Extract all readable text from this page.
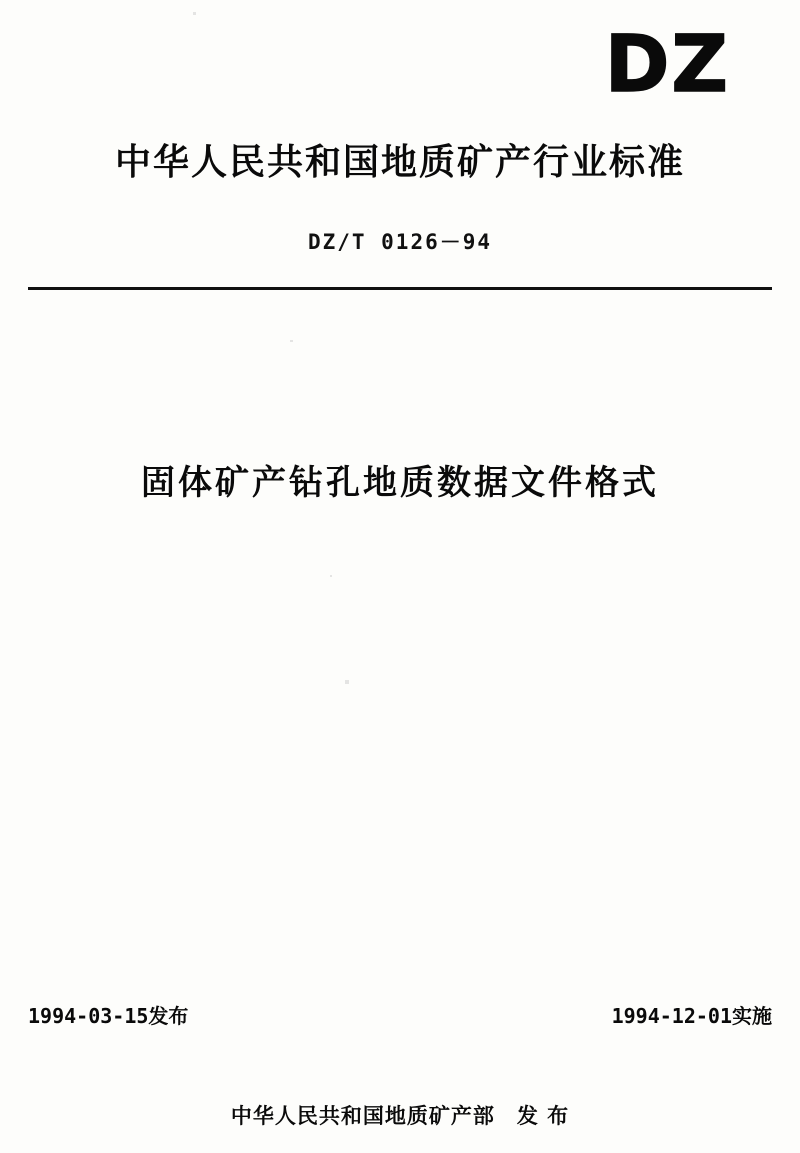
DZ
中华人民共和国地质矿产行业标准
DZ/T 0126－94
固体矿产钻孔地质数据文件格式
1994-03-15发布	1994-12-01实施
中华人民共和国地质矿产部 发 布
